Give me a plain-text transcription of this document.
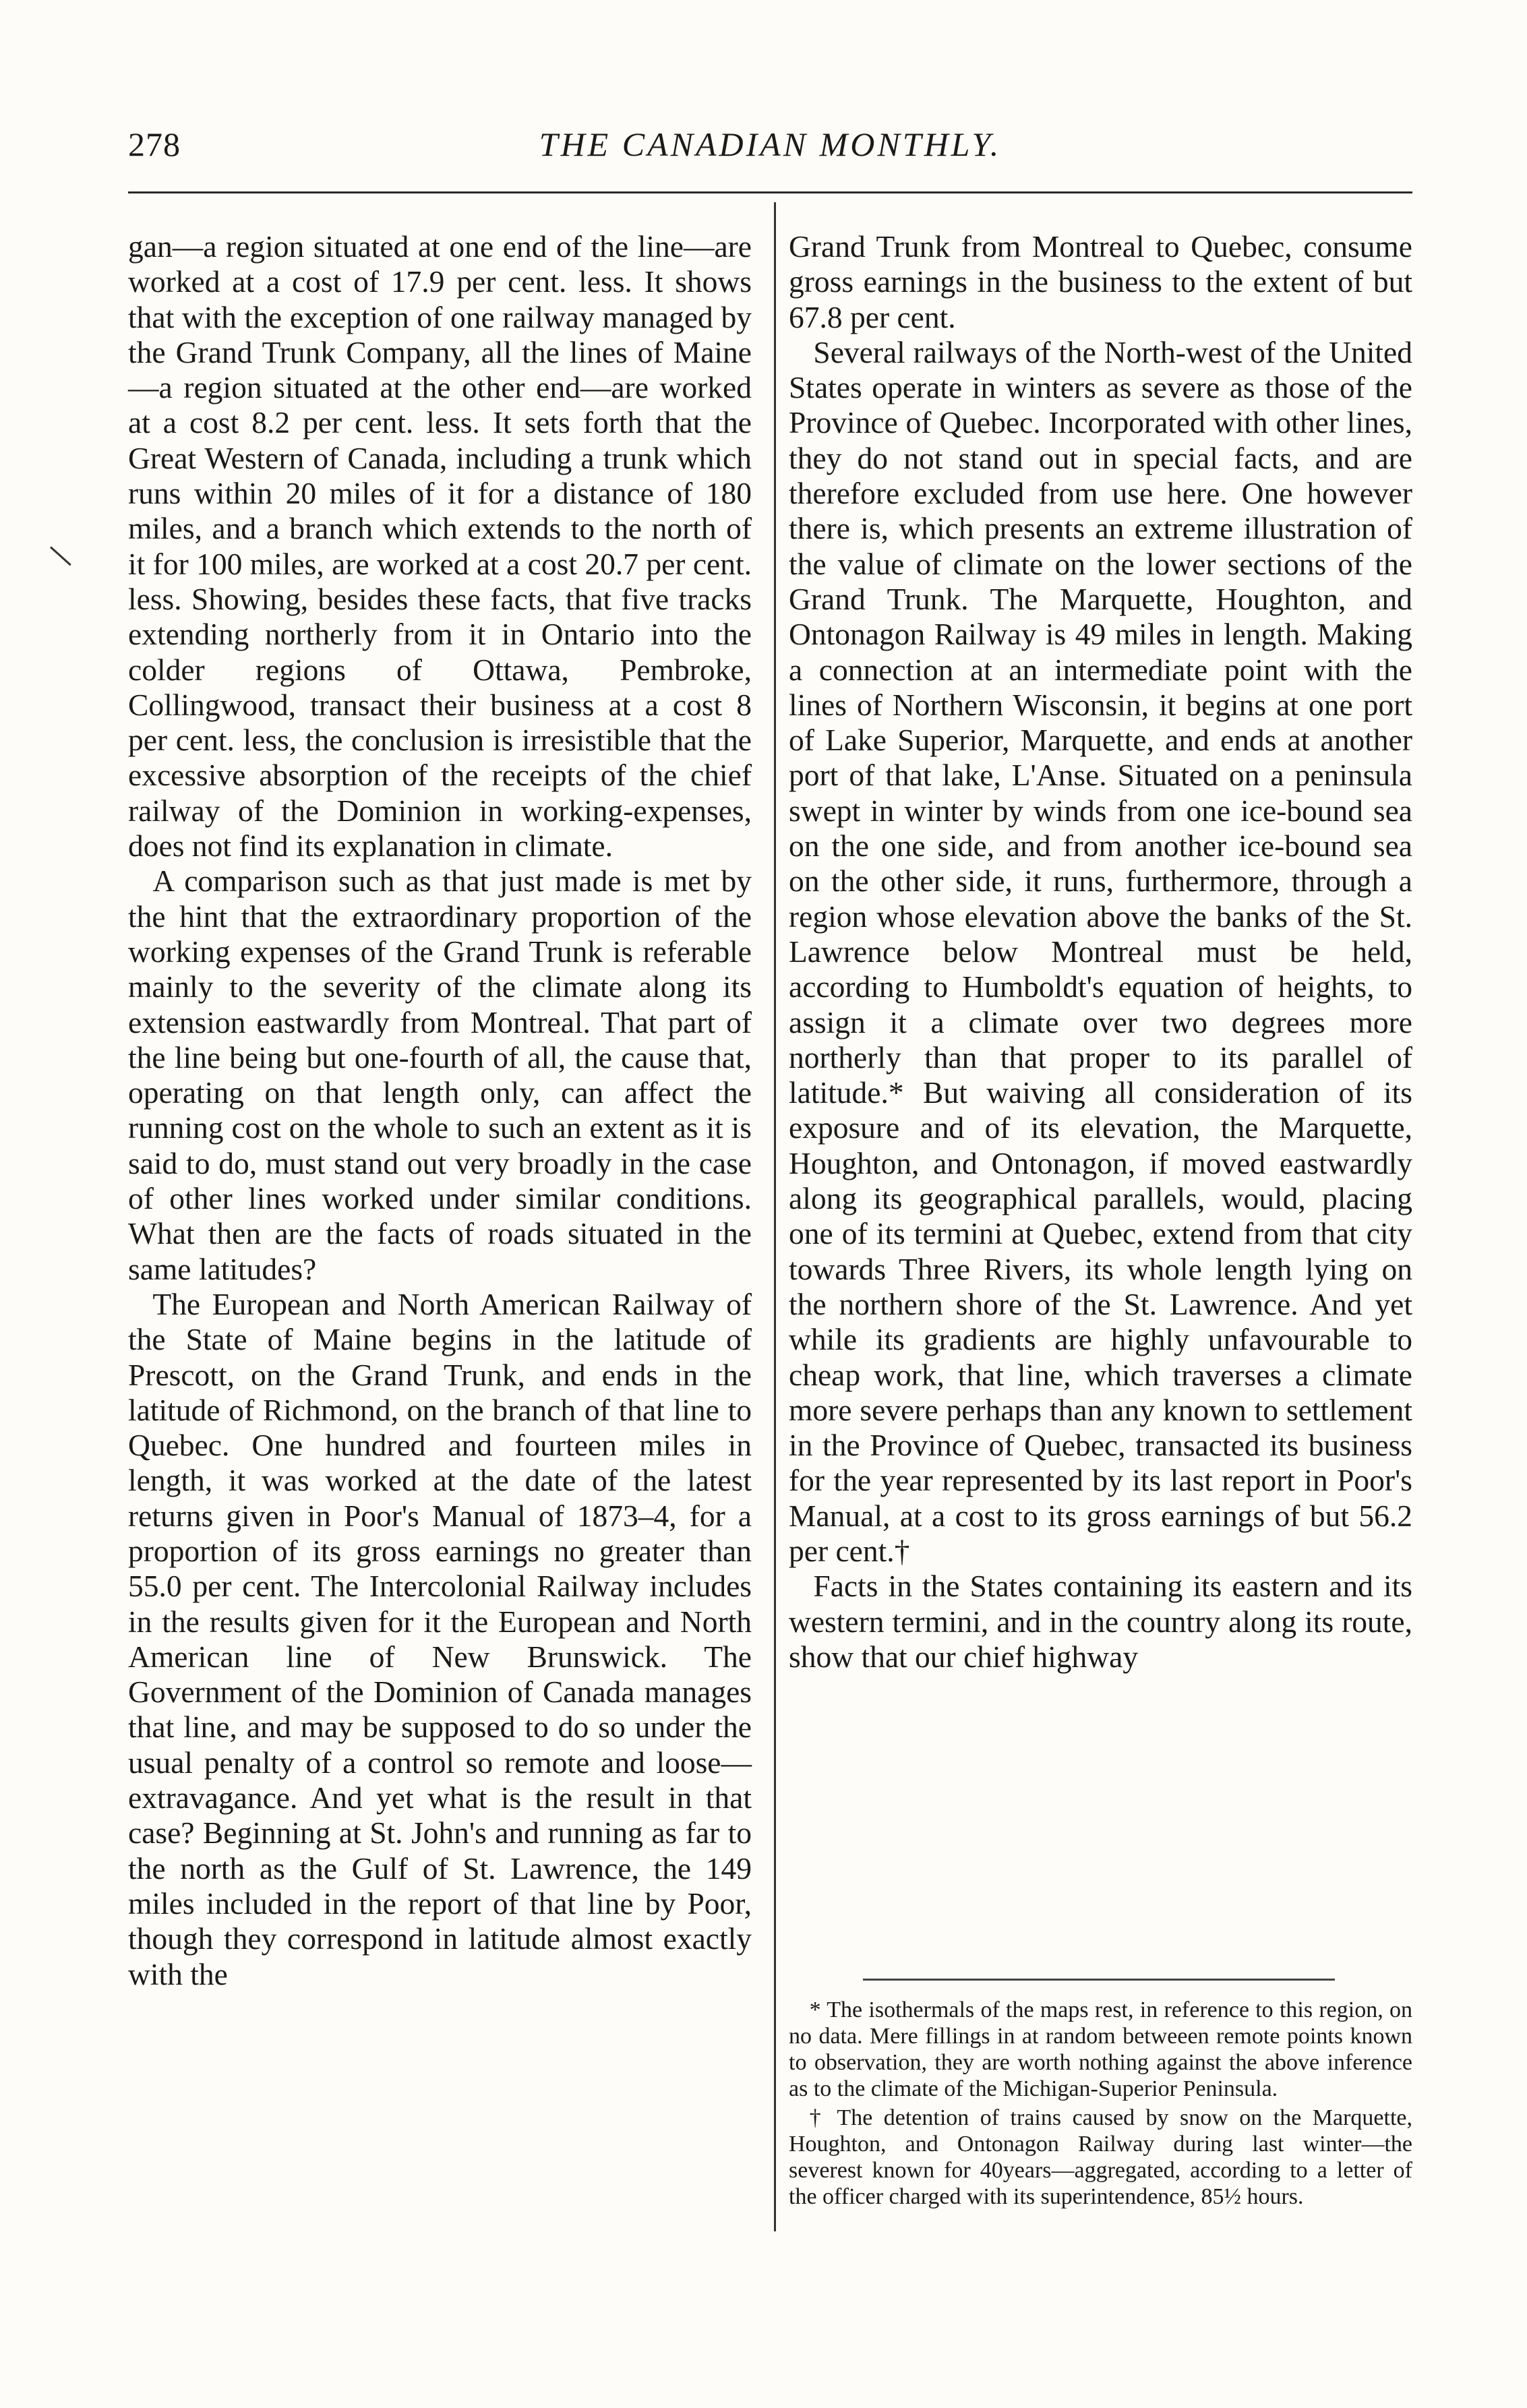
278	THE CANADIAN MONTHLY.

gan—a region situated at one end of the line—are worked at a cost of 17.9 per cent. less. It shows that with the exception of one railway managed by the Grand Trunk Company, all the lines of Maine—a region situated at the other end—are worked at a cost 8.2 per cent. less. It sets forth that the Great Western of Canada, including a trunk which runs within 20 miles of it for a distance of 180 miles, and a branch which extends to the north of it for 100 miles, are worked at a cost 20.7 per cent. less. Showing, besides these facts, that five tracks extending northerly from it in Ontario into the colder regions of Ottawa, Pembroke, Collingwood, transact their business at a cost 8 per cent. less, the conclusion is irresistible that the excessive absorption of the receipts of the chief railway of the Dominion in working-expenses, does not find its explanation in climate.

A comparison such as that just made is met by the hint that the extraordinary proportion of the working expenses of the Grand Trunk is referable mainly to the severity of the climate along its extension eastwardly from Montreal. That part of the line being but one-fourth of all, the cause that, operating on that length only, can affect the running cost on the whole to such an extent as it is said to do, must stand out very broadly in the case of other lines worked under similar conditions. What then are the facts of roads situated in the same latitudes?

The European and North American Railway of the State of Maine begins in the latitude of Prescott, on the Grand Trunk, and ends in the latitude of Richmond, on the branch of that line to Quebec. One hundred and fourteen miles in length, it was worked at the date of the latest returns given in Poor's Manual of 1873–4, for a proportion of its gross earnings no greater than 55.0 per cent. The Intercolonial Railway includes in the results given for it the European and North American line of New Brunswick. The Government of the Dominion of Canada manages that line, and may be supposed to do so under the usual penalty of a control so remote and loose—extravagance. And yet what is the result in that case? Beginning at St. John's and running as far to the north as the Gulf of St. Lawrence, the 149 miles included in the report of that line by Poor, though they correspond in latitude almost exactly with the

Grand Trunk from Montreal to Quebec, consume gross earnings in the business to the extent of but 67.8 per cent.

Several railways of the North-west of the United States operate in winters as severe as those of the Province of Quebec. Incorporated with other lines, they do not stand out in special facts, and are therefore excluded from use here. One however there is, which presents an extreme illustration of the value of climate on the lower sections of the Grand Trunk. The Marquette, Houghton, and Ontonagon Railway is 49 miles in length. Making a connection at an intermediate point with the lines of Northern Wisconsin, it begins at one port of Lake Superior, Marquette, and ends at another port of that lake, L'Anse. Situated on a peninsula swept in winter by winds from one ice-bound sea on the one side, and from another ice-bound sea on the other side, it runs, furthermore, through a region whose elevation above the banks of the St. Lawrence below Montreal must be held, according to Humboldt's equation of heights, to assign it a climate over two degrees more northerly than that proper to its parallel of latitude.* But waiving all consideration of its exposure and of its elevation, the Marquette, Houghton, and Ontonagon, if moved eastwardly along its geographical parallels, would, placing one of its termini at Quebec, extend from that city towards Three Rivers, its whole length lying on the northern shore of the St. Lawrence. And yet while its gradients are highly unfavourable to cheap work, that line, which traverses a climate more severe perhaps than any known to settlement in the Province of Quebec, transacted its business for the year represented by its last report in Poor's Manual, at a cost to its gross earnings of but 56.2 per cent.†

Facts in the States containing its eastern and its western termini, and in the country along its route, show that our chief highway

* The isothermals of the maps rest, in reference to this region, on no data. Mere fillings in at random betweeen remote points known to observation, they are worth nothing against the above inference as to the climate of the Michigan-Superior Peninsula.

† The detention of trains caused by snow on the Marquette, Houghton, and Ontonagon Railway during last winter—the severest known for 40years—aggregated, according to a letter of the officer charged with its superintendence, 85½ hours.
